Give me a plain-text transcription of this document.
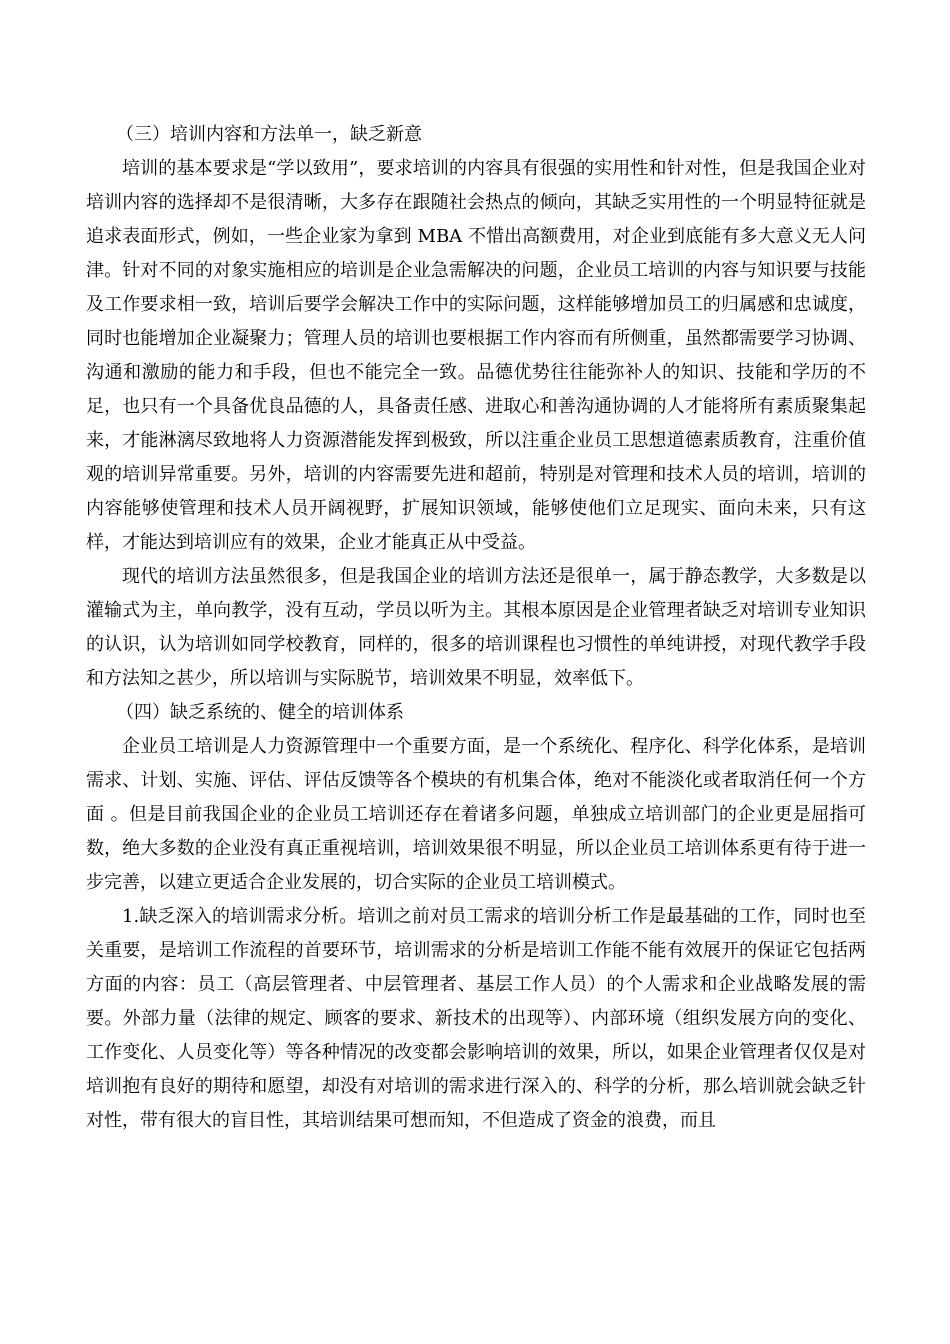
（三）培训内容和方法单一，缺乏新意

培训的基本要求是“学以致用”，要求培训的内容具有很强的实用性和针对性，但是我国企业对培训内容的选择却不是很清晰，大多存在跟随社会热点的倾向，其缺乏实用性的一个明显特征就是追求表面形式，例如，一些企业家为拿到 MBA 不惜出高额费用，对企业到底能有多大意义无人问津。针对不同的对象实施相应的培训是企业急需解决的问题，企业员工培训的内容与知识要与技能及工作要求相一致，培训后要学会解决工作中的实际问题，这样能够增加员工的归属感和忠诚度，同时也能增加企业凝聚力；管理人员的培训也要根据工作内容而有所侧重，虽然都需要学习协调、沟通和激励的能力和手段，但也不能完全一致。品德优势往往能弥补人的知识、技能和学历的不足，也只有一个具备优良品德的人，具备责任感、进取心和善沟通协调的人才能将所有素质聚集起来，才能淋漓尽致地将人力资源潜能发挥到极致，所以注重企业员工思想道德素质教育，注重价值观的培训异常重要。另外，培训的内容需要先进和超前，特别是对管理和技术人员的培训，培训的内容能够使管理和技术人员开阔视野，扩展知识领域，能够使他们立足现实、面向未来，只有这样，才能达到培训应有的效果，企业才能真正从中受益。

现代的培训方法虽然很多，但是我国企业的培训方法还是很单一，属于静态教学，大多数是以灌输式为主，单向教学，没有互动，学员以听为主。其根本原因是企业管理者缺乏对培训专业知识的认识，认为培训如同学校教育，同样的，很多的培训课程也习惯性的单纯讲授，对现代教学手段和方法知之甚少，所以培训与实际脱节，培训效果不明显，效率低下。

（四）缺乏系统的、健全的培训体系

企业员工培训是人力资源管理中一个重要方面，是一个系统化、程序化、科学化体系，是培训需求、计划、实施、评估、评估反馈等各个模块的有机集合体，绝对不能淡化或者取消任何一个方面 。但是目前我国企业的企业员工培训还存在着诸多问题，单独成立培训部门的企业更是屈指可数，绝大多数的企业没有真正重视培训，培训效果很不明显，所以企业员工培训体系更有待于进一步完善，以建立更适合企业发展的，切合实际的企业员工培训模式。

1.缺乏深入的培训需求分析。培训之前对员工需求的培训分析工作是最基础的工作，同时也至关重要，是培训工作流程的首要环节，培训需求的分析是培训工作能不能有效展开的保证它包括两方面的内容：员工（高层管理者、中层管理者、基层工作人员）的个人需求和企业战略发展的需要。外部力量（法律的规定、顾客的要求、新技术的出现等）、内部环境（组织发展方向的变化、工作变化、人员变化等）等各种情况的改变都会影响培训的效果，所以，如果企业管理者仅仅是对培训抱有良好的期待和愿望，却没有对培训的需求进行深入的、科学的分析，那么培训就会缺乏针对性，带有很大的盲目性，其培训结果可想而知，不但造成了资金的浪费，而且
